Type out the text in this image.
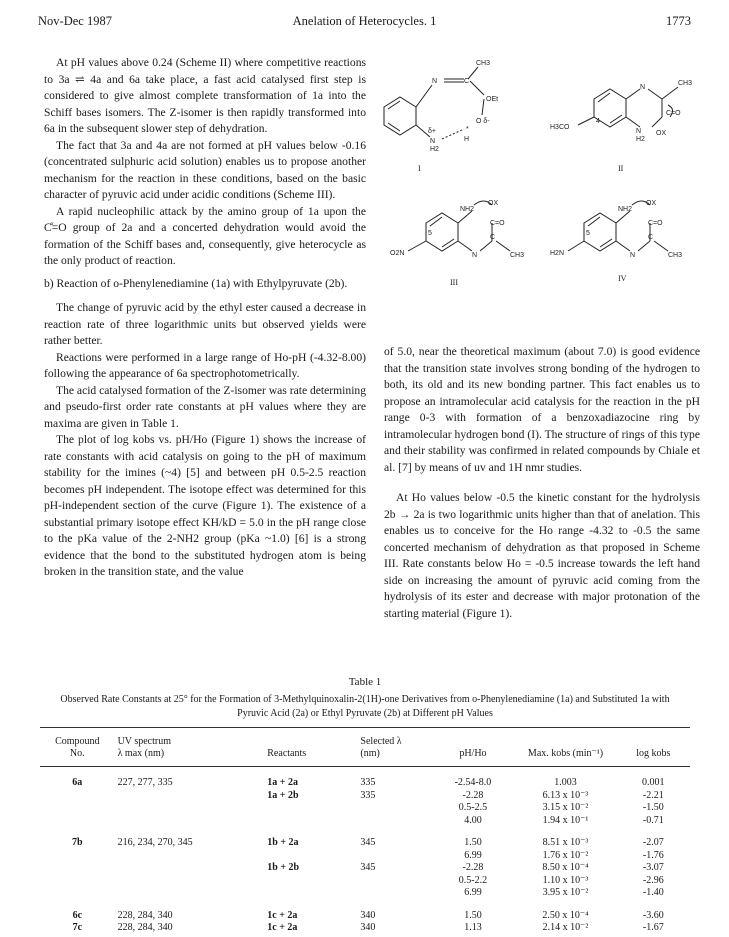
Nov-Dec 1987	Anelation of Heterocycles. 1	1773

At pH values above 0.24 (Scheme II) where competitive reactions to 3a ⇌ 4a and 6a take place, a fast acid catalysed first step is considered to give almost complete transformation of 1a into the Schiff bases isomers. The Z-isomer is then rapidly transformed into 6a in the subsequent slower step of dehydration.

The fact that 3a and 4a are not formed at pH values below -0.16 (concentrated sulphuric acid solution) enables us to propose another mechanism for the reaction in these conditions, based on the basic character of pyruvic acid under acidic conditions (Scheme III).

A rapid nucleophilic attack by the amino group of 1a upon the C̊=O group of 2a and a concerted dehydration would avoid the formation of the Schiff bases and, consequently, give heterocycle as the only product of reaction.

b) Reaction of o-Phenylenediamine (1a) with Ethylpyruvate (2b).

The change of pyruvic acid by the ethyl ester caused a decrease in reaction rate of three logarithmic units but observed yields were rather better.

Reactions were performed in a large range of Ho-pH (-4.32-8.00) following the appearance of 6a spectrophotometrically.

The acid catalysed formation of the Z-isomer was rate determining and pseudo-first order rate constants at pH values where they are maxima are given in Table 1.

The plot of log kobs vs. pH/Ho (Figure 1) shows the increase of rate constants with acid catalysis on going to the pH of maximum stability for the imines (~4) [5] and between pH 0.5-2.5 reaction becomes pH independent. The isotope effect was determined for this pH-independent section of the curve (Figure 1). The existence of a substantial primary isotope effect KH/kD = 5.0 in the pH range close to the pKa value of the 2-NH2 group (pKa ~1.0) [6] is a strong evidence that the bond to the substituted hydrogen atom is being broken in the transition state, and the value

N	C
CH3
OEt
O δ-
δ+
N	H
H2
*
N
CH3
C=O
OX
N
H2
H3CO
4
NH2
OX
C=O
N
C
CH3
O2N
5
NH2
OX
C=O
N
C
CH3
H2N
5
I	II
III	IV

of 5.0, near the theoretical maximum (about 7.0) is good evidence that the transition state involves strong bonding of the hydrogen to both, its old and its new bonding partner. This fact enables us to propose an intramolecular acid catalysis for the reaction in the pH range 0-3 with formation of a benzoxadiazocine ring by intramolecular hydrogen bond (I). The structure of rings of this type and their stability was confirmed in related compounds by Chiale et al. [7] by means of uv and 1H nmr studies.

At Ho values below -0.5 the kinetic constant for the hydrolysis 2b → 2a is two logarithmic units higher than that of anelation. This enables us to conceive for the Ho range -4.32 to -0.5 the same concerted mechanism of dehydration as that proposed in Scheme III. Rate constants below Ho = -0.5 increase towards the left hand side on increasing the amount of pyruvic acid coming from the hydrolysis of its ester and decrease with major protonation of the starting material (Figure 1).

Table 1
Observed Rate Constants at 25° for the Formation of 3-Methylquinoxalin-2(1H)-one Derivatives from o-Phenylenediamine (1a) and Substituted 1a with Pyruvic Acid (2a) or Ethyl Pyruvate (2b) at Different pH Values
Compound	UV spectrum		Selected λ			
No.	λ max (nm)	Reactants	(nm)	pH/Ho	Max. kobs (min⁻¹)	log kobs
6a	227, 277, 335	1a + 2a	335	-2.54-8.0	1.003	0.001
		1a + 2b	335	-2.28	6.13 x 10⁻³	-2.21
				0.5-2.5	3.15 x 10⁻²	-1.50
				4.00	1.94 x 10⁻¹	-0.71
7b	216, 234, 270, 345	1b + 2a	345	1.50	8.51 x 10⁻³	-2.07
				6.99	1.76 x 10⁻²	-1.76
		1b + 2b	345	-2.28	8.50 x 10⁻⁴	-3.07
				0.5-2.2	1.10 x 10⁻³	-2.96
				6.99	3.95 x 10⁻²	-1.40
6c	228, 284, 340	1c + 2a	340	1.50	2.50 x 10⁻⁴	-3.60
7c	228, 284, 340	1c + 2a	340	1.13	2.14 x 10⁻²	-1.67
